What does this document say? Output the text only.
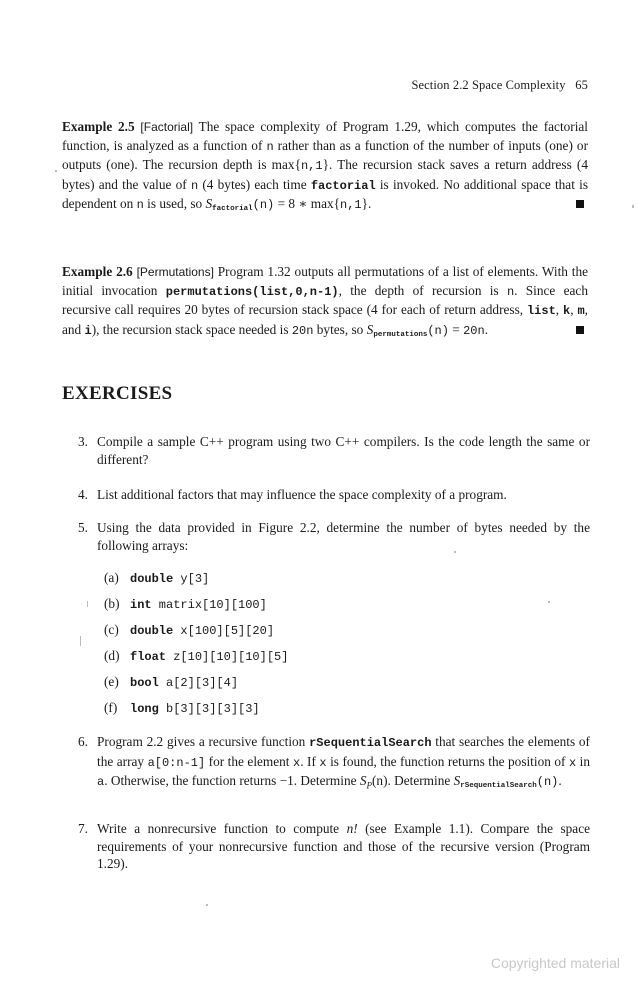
Section 2.2 Space Complexity 65
Example 2.5 [Factorial] The space complexity of Program 1.29, which computes the factorial function, is analyzed as a function of n rather than as a function of the number of inputs (one) or outputs (one). The recursion depth is max{n,1}. The recursion stack saves a return address (4 bytes) and the value of n (4 bytes) each time factorial is invoked. No additional space that is dependent on n is used, so $S_{factorial}(n) = 8$ ∗ max{n,1}.
Example 2.6 [Permutations] Program 1.32 outputs all permutations of a list of elements. With the initial invocation permutations(list,0,n-1), the depth of recursion is n. Since each recursive call requires 20 bytes of recursion stack space (4 for each of return address, list, k, m, and i), the recursion stack space needed is 20n bytes, so $S_{permutations}(n) = 20n$.
EXERCISES
3. Compile a sample C++ program using two C++ compilers. Is the code length the same or different?
4. List additional factors that may influence the space complexity of a program.
5. Using the data provided in Figure 2.2, determine the number of bytes needed by the following arrays:
(a) double y[3]
(b) int matrix[10][100]
(c) double x[100][5][20]
(d) float z[10][10][10][5]
(e) bool a[2][3][4]
(f) long b[3][3][3][3]
6. Program 2.2 gives a recursive function rSequentialSearch that searches the elements of the array a[0:n-1] for the element x. If x is found, the function returns the position of x in a. Otherwise, the function returns −1. Determine $S_P(n)$. Determine $S_{rSequentialSearch}(n)$.
7. Write a nonrecursive function to compute n! (see Example 1.1). Compare the space requirements of your nonrecursive function and those of the recursive version (Program 1.29).
Copyrighted material
